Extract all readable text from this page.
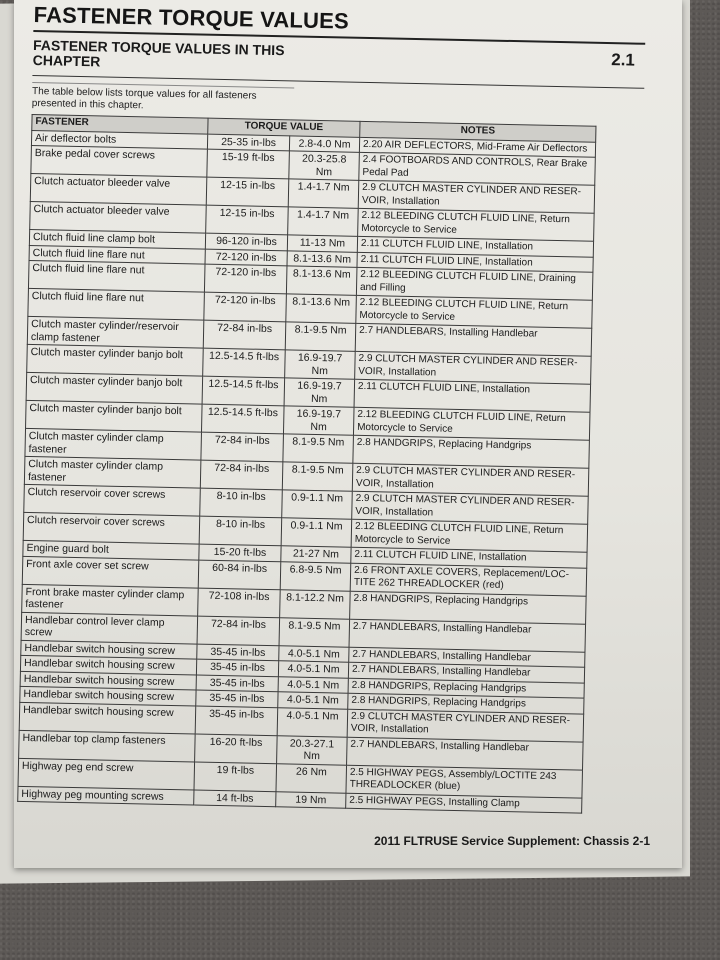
FASTENER TORQUE VALUES
FASTENER TORQUE VALUES IN THIS CHAPTER	2.1
The table below lists torque values for all fasteners presented in this chapter.
FASTENER	TORQUE VALUE		NOTES
Air deflector bolts	25-35 in-lbs	2.8-4.0 Nm	2.20 AIR DEFLECTORS, Mid-Frame Air Deflectors
Brake pedal cover screws	15-19 ft-lbs	20.3-25.8 Nm	2.4 FOOTBOARDS AND CONTROLS, Rear Brake Pedal Pad
Clutch actuator bleeder valve	12-15 in-lbs	1.4-1.7 Nm	2.9 CLUTCH MASTER CYLINDER AND RESER-VOIR, Installation
Clutch actuator bleeder valve	12-15 in-lbs	1.4-1.7 Nm	2.12 BLEEDING CLUTCH FLUID LINE, Return Motorcycle to Service
Clutch fluid line clamp bolt	96-120 in-lbs	11-13 Nm	2.11 CLUTCH FLUID LINE, Installation
Clutch fluid line flare nut	72-120 in-lbs	8.1-13.6 Nm	2.11 CLUTCH FLUID LINE, Installation
Clutch fluid line flare nut	72-120 in-lbs	8.1-13.6 Nm	2.12 BLEEDING CLUTCH FLUID LINE, Draining and Filling
Clutch fluid line flare nut	72-120 in-lbs	8.1-13.6 Nm	2.12 BLEEDING CLUTCH FLUID LINE, Return Motorcycle to Service
Clutch master cylinder/reservoir clamp fastener	72-84 in-lbs	8.1-9.5 Nm	2.7 HANDLEBARS, Installing Handlebar
Clutch master cylinder banjo bolt	12.5-14.5 ft-lbs	16.9-19.7 Nm	2.9 CLUTCH MASTER CYLINDER AND RESER-VOIR, Installation
Clutch master cylinder banjo bolt	12.5-14.5 ft-lbs	16.9-19.7 Nm	2.11 CLUTCH FLUID LINE, Installation
Clutch master cylinder banjo bolt	12.5-14.5 ft-lbs	16.9-19.7 Nm	2.12 BLEEDING CLUTCH FLUID LINE, Return Motorcycle to Service
Clutch master cylinder clamp fastener	72-84 in-lbs	8.1-9.5 Nm	2.8 HANDGRIPS, Replacing Handgrips
Clutch master cylinder clamp fastener	72-84 in-lbs	8.1-9.5 Nm	2.9 CLUTCH MASTER CYLINDER AND RESER-VOIR, Installation
Clutch reservoir cover screws	8-10 in-lbs	0.9-1.1 Nm	2.9 CLUTCH MASTER CYLINDER AND RESER-VOIR, Installation
Clutch reservoir cover screws	8-10 in-lbs	0.9-1.1 Nm	2.12 BLEEDING CLUTCH FLUID LINE, Return Motorcycle to Service
Engine guard bolt	15-20 ft-lbs	21-27 Nm	2.11 CLUTCH FLUID LINE, Installation
Front axle cover set screw	60-84 in-lbs	6.8-9.5 Nm	2.6 FRONT AXLE COVERS, Replacement/LOC-TITE 262 THREADLOCKER (red)
Front brake master cylinder clamp fastener	72-108 in-lbs	8.1-12.2 Nm	2.8 HANDGRIPS, Replacing Handgrips
Handlebar control lever clamp screw	72-84 in-lbs	8.1-9.5 Nm	2.7 HANDLEBARS, Installing Handlebar
Handlebar switch housing screw	35-45 in-lbs	4.0-5.1 Nm	2.7 HANDLEBARS, Installing Handlebar
Handlebar switch housing screw	35-45 in-lbs	4.0-5.1 Nm	2.7 HANDLEBARS, Installing Handlebar
Handlebar switch housing screw	35-45 in-lbs	4.0-5.1 Nm	2.8 HANDGRIPS, Replacing Handgrips
Handlebar switch housing screw	35-45 in-lbs	4.0-5.1 Nm	2.8 HANDGRIPS, Replacing Handgrips
Handlebar switch housing screw	35-45 in-lbs	4.0-5.1 Nm	2.9 CLUTCH MASTER CYLINDER AND RESER-VOIR, Installation
Handlebar top clamp fasteners	16-20 ft-lbs	20.3-27.1 Nm	2.7 HANDLEBARS, Installing Handlebar
Highway peg end screw	19 ft-lbs	26 Nm	2.5 HIGHWAY PEGS, Assembly/LOCTITE 243 THREADLOCKER (blue)
Highway peg mounting screws	14 ft-lbs	19 Nm	2.5 HIGHWAY PEGS, Installing Clamp
2011 FLTRUSE Service Supplement: Chassis 2-1
